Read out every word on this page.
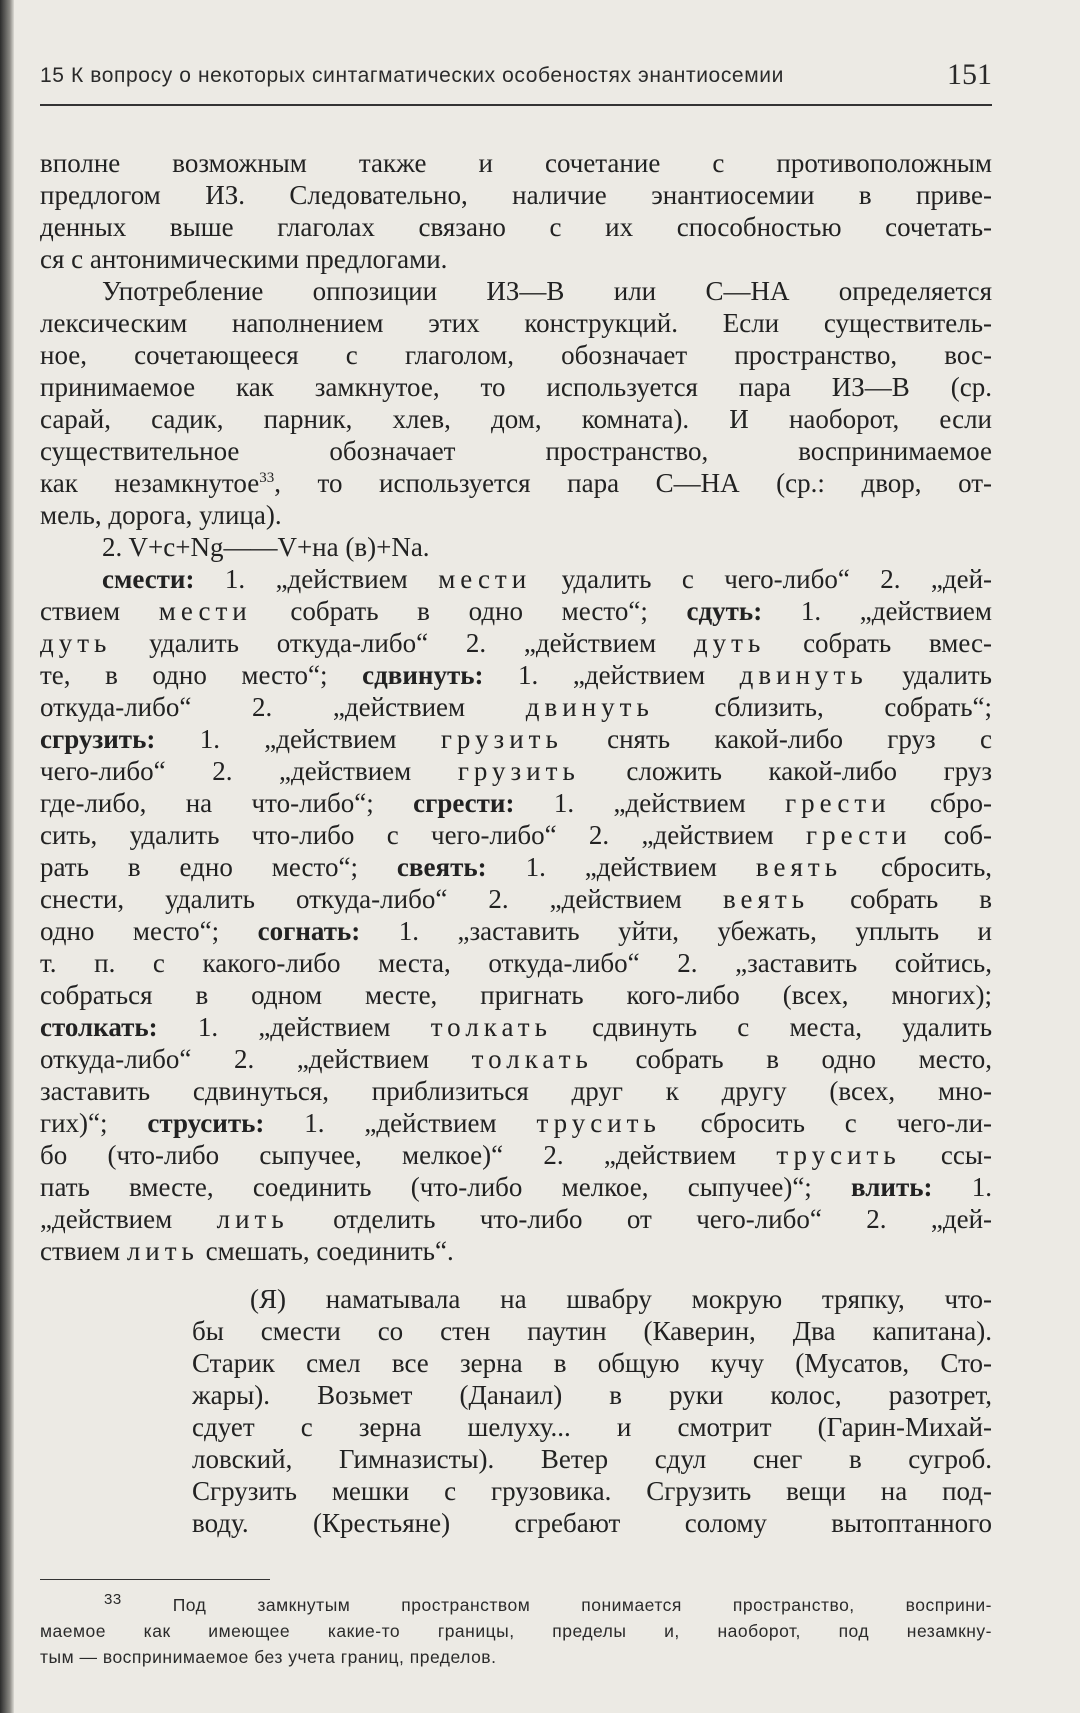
15 К вопросу о некоторых синтагматических особеностях энантиосемии	151
вполне возможным также и сочетание с противоположным
предлогом ИЗ. Следовательно, наличие энантиосемии в приве-
денных выше глаголах связано с их способностью сочетать-
ся с антонимическими предлогами.
Употребление оппозиции ИЗ—В или С—НА определяется
лексическим наполнением этих конструкций. Если существитель-
ное, сочетающееся с глаголом, обозначает пространство, вос-
принимаемое как замкнутое, то используется пара ИЗ—В (ср.
сарай, садик, парник, хлев, дом, комната). И наоборот, если
существительное обозначает пространство, воспринимаемое
как незамкнутое$^{33}$, то используется пара С—НА (ср.: двор, от-
мель, дорога, улица).
2. V+c+Ng——V+на (в)+Na.
смести: 1. „действием мести удалить с чего-либо“ 2. „дей-
ствием мести собрать в одно место“; сдуть: 1. „действием
дуть удалить откуда-либо“ 2. „действием дуть собрать вмес-
те, в одно место“; сдвинуть: 1. „действием двинуть удалить
откуда-либо“ 2. „действием двинуть сблизить, собрать“;
сгрузить: 1. „действием грузить снять какой-либо груз с
чего-либо“ 2. „действием грузить сложить какой-либо груз
где-либо, на что-либо“; сгрести: 1. „действием грести сбро-
сить, удалить что-либо с чего-либо“ 2. „действием грести соб-
рать в едно место“; свеять: 1. „действием веять сбросить,
снести, удалить откуда-либо“ 2. „действием веять собрать в
одно место“; согнать: 1. „заставить уйти, убежать, уплыть и
т. п. с какого-либо места, откуда-либо“ 2. „заставить сойтись,
собраться в одном месте, пригнать кого-либо (всех, многих);
столкать: 1. „действием толкать сдвинуть с места, удалить
откуда-либо“ 2. „действием толкать собрать в одно место,
заставить сдвинуться, приблизиться друг к другу (всех, мно-
гих)“; струсить: 1. „действием трусить сбросить с чего-ли-
бо (что-либо сыпучее, мелкое)“ 2. „действием трусить ссы-
пать вместе, соединить (что-либо мелкое, сыпучее)“; влить: 1.
„действием лить отделить что-либо от чего-либо“ 2. „дей-
ствием лить смешать, соединить“.
(Я) наматывала на швабру мокрую тряпку, что-
бы смести со стен паутин (Каверин, Два капитана).
Старик смел все зерна в общую кучу (Мусатов, Сто-
жары). Возьмет (Данаил) в руки колос, разотрет,
сдует с зерна шелуху... и смотрит (Гарин-Михай-
ловский, Гимназисты). Ветер сдул снег в сугроб.
Сгрузить мешки с грузовика. Сгрузить вещи на под-
воду. (Крестьяне) сгребают солому вытоптанного
$^{33}$	Под замкнутым пространством понимается пространство, восприни-
маемое как имеющее какие-то границы, пределы и, наоборот, под незамкну-
тым — воспринимаемое без учета границ, пределов.
